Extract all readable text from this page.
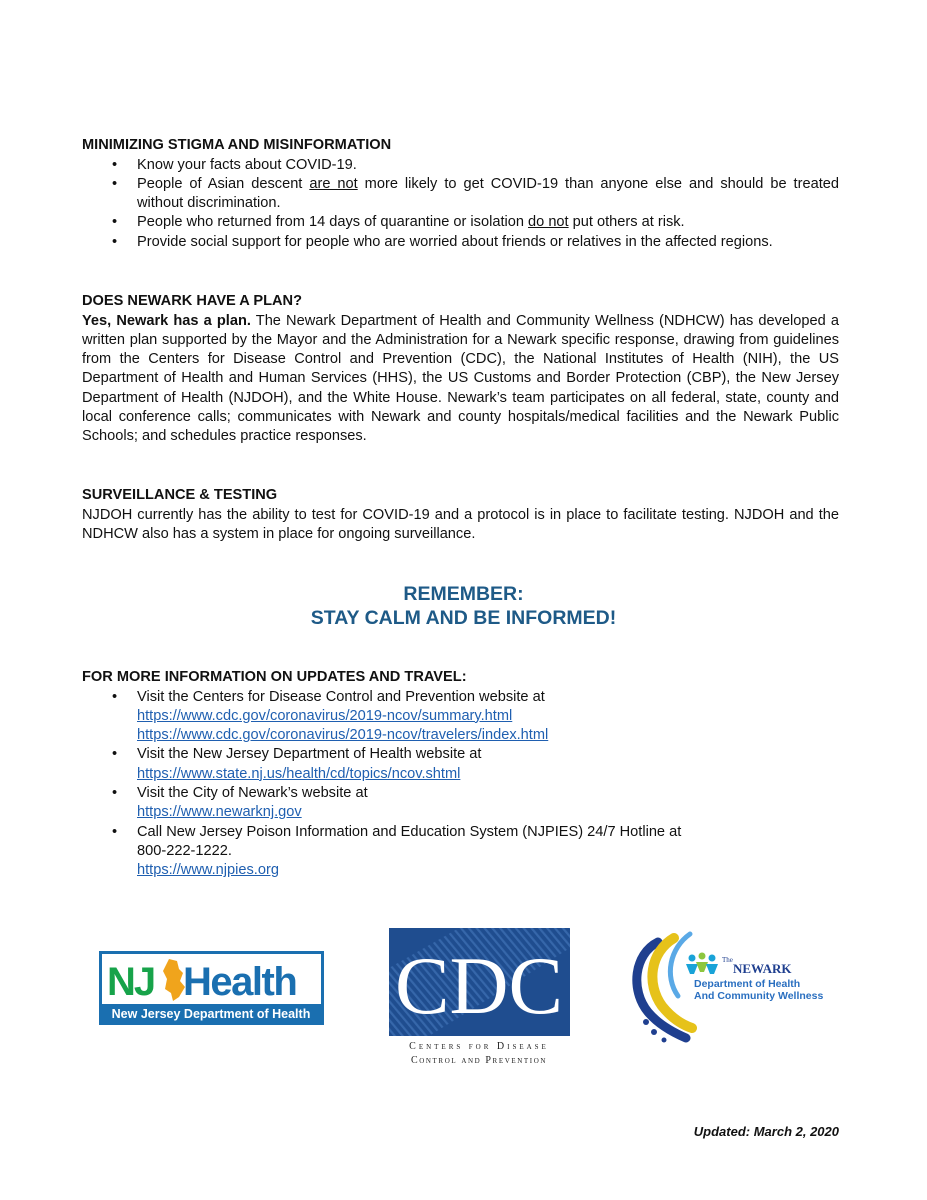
MINIMIZING STIGMA AND MISINFORMATION

• Know your facts about COVID-19.
• People of Asian descent are not more likely to get COVID-19 than anyone else and should be treated without discrimination.
• People who returned from 14 days of quarantine or isolation do not put others at risk.
• Provide social support for people who are worried about friends or relatives in the affected regions.

DOES NEWARK HAVE A PLAN?

Yes, Newark has a plan. The Newark Department of Health and Community Wellness (NDHCW) has developed a written plan supported by the Mayor and the Administration for a Newark specific response, drawing from guidelines from the Centers for Disease Control and Prevention (CDC), the National Institutes of Health (NIH), the US Department of Health and Human Services (HHS), the US Customs and Border Protection (CBP), the New Jersey Department of Health (NJDOH), and the White House. Newark’s team participates on all federal, state, county and local conference calls; communicates with Newark and county hospitals/medical facilities and the Newark Public Schools; and schedules practice responses.

SURVEILLANCE & TESTING

NJDOH currently has the ability to test for COVID-19 and a protocol is in place to facilitate testing. NJDOH and the NDHCW also has a system in place for ongoing surveillance.

REMEMBER:
STAY CALM AND BE INFORMED!

FOR MORE INFORMATION ON UPDATES AND TRAVEL:

• Visit the Centers for Disease Control and Prevention website at
https://www.cdc.gov/coronavirus/2019-ncov/summary.html
https://www.cdc.gov/coronavirus/2019-ncov/travelers/index.html
• Visit the New Jersey Department of Health website at
https://www.state.nj.us/health/cd/topics/ncov.shtml
• Visit the City of Newark’s website at
https://www.newarknj.gov
• Call New Jersey Poison Information and Education System (NJPIES) 24/7 Hotline at
800-222-1222.
https://www.njpies.org
NJ Health
New Jersey Department of Health CDC
Centers for Disease
Control and Prevention
The
NEWARK
Department of Health
And Community Wellness
Updated: March 2, 2020
